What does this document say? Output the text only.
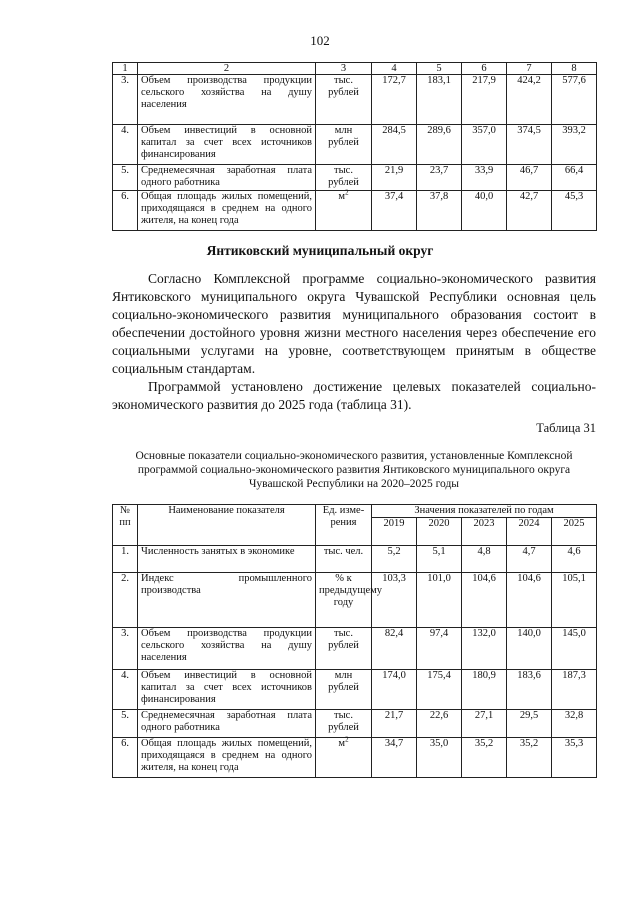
102
1	2	3	4	5	6	7	8
3.	Объем производства продукции сельского хозяйства на душу населения	тыс. рублей	172,7	183,1	217,9	424,2	577,6
4.	Объем инвестиций в основной капитал за счет всех источников финансирования	млн рублей	284,5	289,6	357,0	374,5	393,2
5.	Среднемесячная заработная плата одного работника	тыс. рублей	21,9	23,7	33,9	46,7	66,4
6.	Общая площадь жилых помещений, приходящаяся в среднем на одного жителя, на конец года	$м^2$	37,4	37,8	40,0	42,7	45,3
Янтиковский муниципальный округ

Согласно Комплексной программе социально-экономического развития Янтиковского муниципального округа Чувашской Республики основная цель социально-экономического развития муниципального образования состоит в обеспечении достойного уровня жизни местного населения через обеспечение его социальными услугами на уровне, соответствующем принятым в обществе социальным стандартам.

Программой установлено достижение целевых показателей социально-экономического развития до 2025 года (таблица 31).

Таблица 31
Основные показатели социально-экономического развития, установленные Комплексной программой социально-экономического развития Янтиковского муниципального округа Чувашской Республики на 2020–2025 годы
№ пп	Наименование показателя	Ед. изме-рения	Значения показателей по годам				
			2019	2020	2023	2024	2025
1.	Численность занятых в экономике	тыс. чел.	5,2	5,1	4,8	4,7	4,6
2.	Индекс промышленного производства	% к предыдущему году	103,3	101,0	104,6	104,6	105,1
3.	Объем производства продукции сельского хозяйства на душу населения	тыс. рублей	82,4	97,4	132,0	140,0	145,0
4.	Объем инвестиций в основной капитал за счет всех источников финансирования	млн рублей	174,0	175,4	180,9	183,6	187,3
5.	Среднемесячная заработная плата одного работника	тыс. рублей	21,7	22,6	27,1	29,5	32,8
6.	Общая площадь жилых помещений, приходящаяся в среднем на одного жителя, на конец года	$м^2$	34,7	35,0	35,2	35,2	35,3
